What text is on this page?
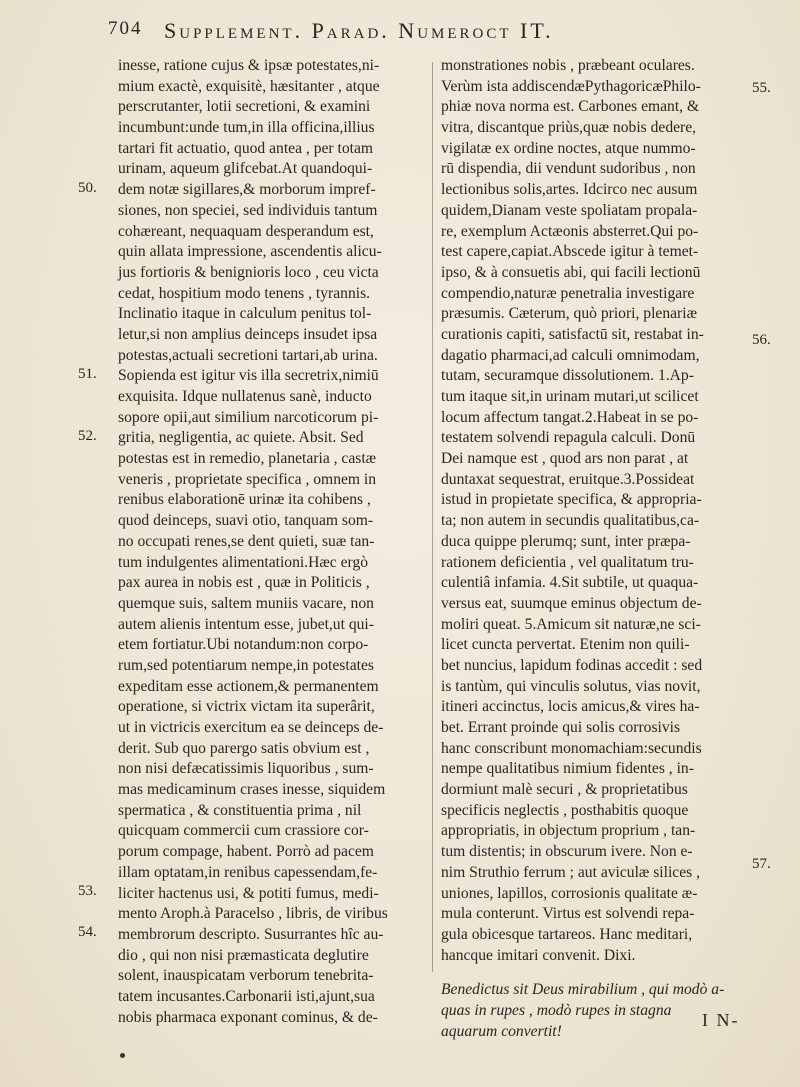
704 Supplement. Parad. Numeroct IT.
inesse, ratione cujus & ipsæ potestates,ni-
mium exactè, exquisitè, hæsitanter , atque
perscrutanter, lotii secretioni, & examini
incumbunt:unde tum,in illa officina,illius
tartari fit actuatio, quod antea , per totam
urinam, aqueum glifcebat.At quandoqui-
dem notæ sigillares,& morborum impref-
siones, non speciei, sed individuis tantum
cohæreant, nequaquam desperandum est,
quin allata impressione, ascendentis alicu-
jus fortioris & benignioris loco , ceu victa
cedat, hospitium modo tenens , tyrannis.
Inclinatio itaque in calculum penitus tol-
letur,si non amplius deinceps insudet ipsa
potestas,actuali secretioni tartari,ab urina.
Sopienda est igitur vis illa secretrix,nimiū
exquisita. Idque nullatenus sanè, inducto
sopore opii,aut similium narcoticorum pi-
gritia, negligentia, ac quiete. Absit. Sed
potestas est in remedio, planetaria , castæ
veneris , proprietate specifica , omnem in
renibus elaborationē urinæ ita cohibens ,
quod deinceps, suavi otio, tanquam som-
no occupati renes,se dent quieti, suæ tan-
tum indulgentes alimentationi.Hæc ergò
pax aurea in nobis est , quæ in Politicis ,
quemque suis, saltem muniis vacare, non
autem alienis intentum esse, jubet,ut qui-
etem fortiatur.Ubi notandum:non corpo-
rum,sed potentiarum nempe,in potestates
expeditam esse actionem,& permanentem
operatione, si victrix victam ita superârit,
ut in victricis exercitum ea se deinceps de-
derit. Sub quo parergo satis obvium est ,
non nisi defæcatissimis liquoribus , sum-
mas medicaminum crases inesse, siquidem
spermatica , & constituentia prima , nil
quicquam commercii cum crassiore cor-
porum compage, habent. Porrò ad pacem
illam optatam,in renibus capessendam,fe-
liciter hactenus usi, & potiti fumus, medi-
mento Aroph.à Paracelso , libris, de viribus
membrorum descripto. Susurrantes hîc au-
dio , qui non nisi præmasticata deglutire
solent, inauspicatam verborum tenebrita-
tatem incusantes.Carbonarii isti,ajunt,sua
nobis pharmaca exponant cominus, & de-
monstrationes nobis , præbeant oculares.
Verùm ista addiscendæPythagoricæPhilo-
phiæ nova norma est. Carbones emant, &
vitra, discantque priùs,quæ nobis dedere,
vigilatæ ex ordine noctes, atque nummo-
rū dispendia, dii vendunt sudoribus , non
lectionibus solis,artes. Idcirco nec ausum
quidem,Dianam veste spoliatam propala-
re, exemplum Actæonis absterret.Qui po-
test capere,capiat.Abscede igitur à temet-
ipso, & à consuetis abi, qui facili lectionū
compendio,naturæ penetralia investigare
præsumis. Cæterum, quò priori, plenariæ
curationis capiti, satisfactū sit, restabat in-
dagatio pharmaci,ad calculi omnimodam,
tutam, securamque dissolutionem. 1.Ap-
tum itaque sit,in urinam mutari,ut scilicet
locum affectum tangat.2.Habeat in se po-
testatem solvendi repagula calculi. Donū
Dei namque est , quod ars non parat , at
duntaxat sequestrat, eruitque.3.Possideat
istud in propietate specifica, & appropria-
ta; non autem in secundis qualitatibus,ca-
duca quippe plerumq; sunt, inter præpa-
rationem deficientia , vel qualitatum tru-
culentiâ infamia. 4.Sit subtile, ut quaqua-
versus eat, suumque eminus objectum de-
moliri queat. 5.Amicum sit naturæ,ne sci-
licet cuncta pervertat. Etenim non quili-
bet nuncius, lapidum fodinas accedit : sed
is tantùm, qui vinculis solutus, vias novit,
itineri accinctus, locis amicus,& vires ha-
bet. Errant proinde qui solis corrosivis
hanc conscribunt monomachiam:secundis
nempe qualitatibus nimium fidentes , in-
dormiunt malè securi , & proprietatibus
specificis neglectis , posthabitis quoque
appropriatis, in objectum proprium , tan-
tum distentis; in obscurum ivere. Non e-
nim Struthio ferrum ; aut aviculæ silices ,
uniones, lapillos, corrosionis qualitate æ-
mula conterunt. Virtus est solvendi repa-
gula obicesque tartareos. Hanc meditari,
hancque imitari convenit. Dixi.
Benedictus sit Deus mirabilium , qui modò a-
quas in rupes , modò rupes in stagna
aquarum convertit!
50.
51.
52.
53.
54.
55.
56.
57.
I N-
